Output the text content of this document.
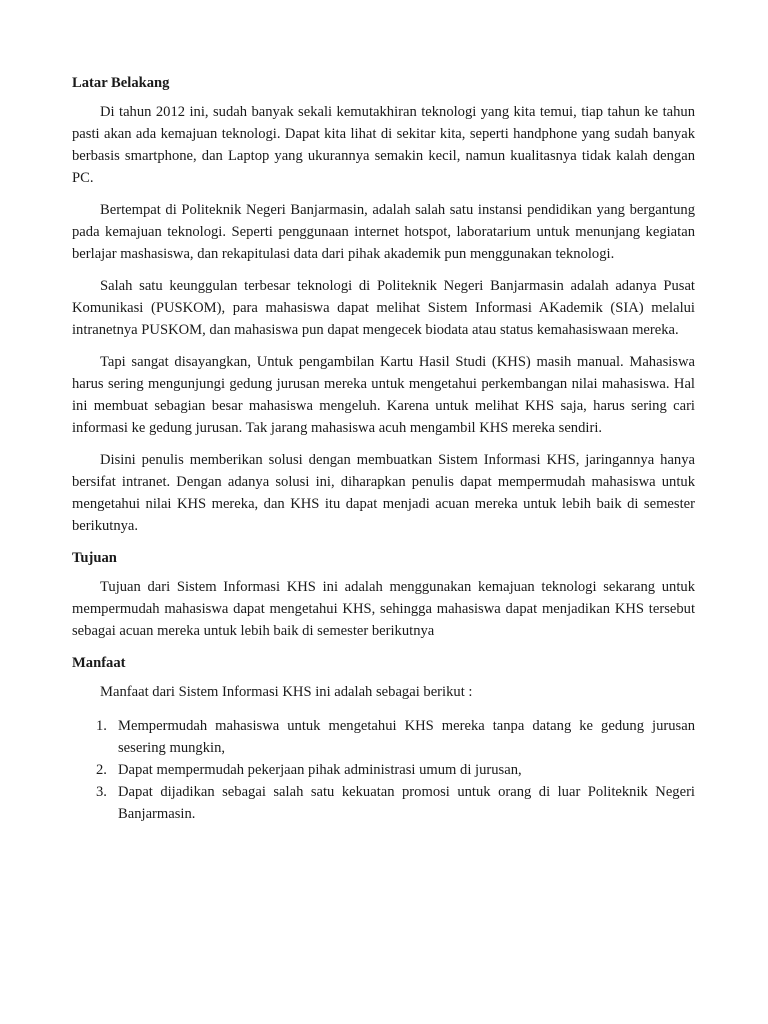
Latar Belakang

Di tahun 2012 ini, sudah banyak sekali kemutakhiran teknologi yang kita temui, tiap tahun ke tahun pasti akan ada kemajuan teknologi. Dapat kita lihat di sekitar kita, seperti handphone yang sudah banyak berbasis smartphone, dan Laptop yang ukurannya semakin kecil, namun kualitasnya tidak kalah dengan PC.

Bertempat di Politeknik Negeri Banjarmasin, adalah salah satu instansi pendidikan yang bergantung pada kemajuan teknologi. Seperti penggunaan internet hotspot, laboratarium untuk menunjang kegiatan berlajar mashasiswa, dan rekapitulasi data dari pihak akademik pun menggunakan teknologi.

Salah satu keunggulan terbesar teknologi di Politeknik Negeri Banjarmasin adalah adanya Pusat Komunikasi (PUSKOM), para mahasiswa dapat melihat Sistem Informasi AKademik (SIA) melalui intranetnya PUSKOM, dan mahasiswa pun dapat mengecek biodata atau status kemahasiswaan mereka.

Tapi sangat disayangkan, Untuk pengambilan Kartu Hasil Studi (KHS) masih manual. Mahasiswa harus sering mengunjungi gedung jurusan mereka untuk mengetahui perkembangan nilai mahasiswa. Hal ini membuat sebagian besar mahasiswa mengeluh. Karena untuk melihat KHS saja, harus sering cari informasi ke gedung jurusan. Tak jarang mahasiswa acuh mengambil KHS mereka sendiri.

Disini penulis memberikan solusi dengan membuatkan Sistem Informasi KHS, jaringannya hanya bersifat intranet. Dengan adanya solusi ini, diharapkan penulis dapat mempermudah mahasiswa untuk mengetahui nilai KHS mereka, dan KHS itu dapat menjadi acuan mereka untuk lebih baik di semester berikutnya.

Tujuan

Tujuan dari Sistem Informasi KHS ini adalah menggunakan kemajuan teknologi sekarang untuk mempermudah mahasiswa dapat mengetahui KHS, sehingga mahasiswa dapat menjadikan KHS tersebut sebagai acuan mereka untuk lebih baik di semester berikutnya

Manfaat

Manfaat dari Sistem Informasi KHS ini adalah sebagai berikut :

1. Mempermudah mahasiswa untuk mengetahui KHS mereka tanpa datang ke gedung jurusan sesering mungkin,
2. Dapat mempermudah pekerjaan pihak administrasi umum di jurusan,
3. Dapat dijadikan sebagai salah satu kekuatan promosi untuk orang di luar Politeknik Negeri Banjarmasin.
